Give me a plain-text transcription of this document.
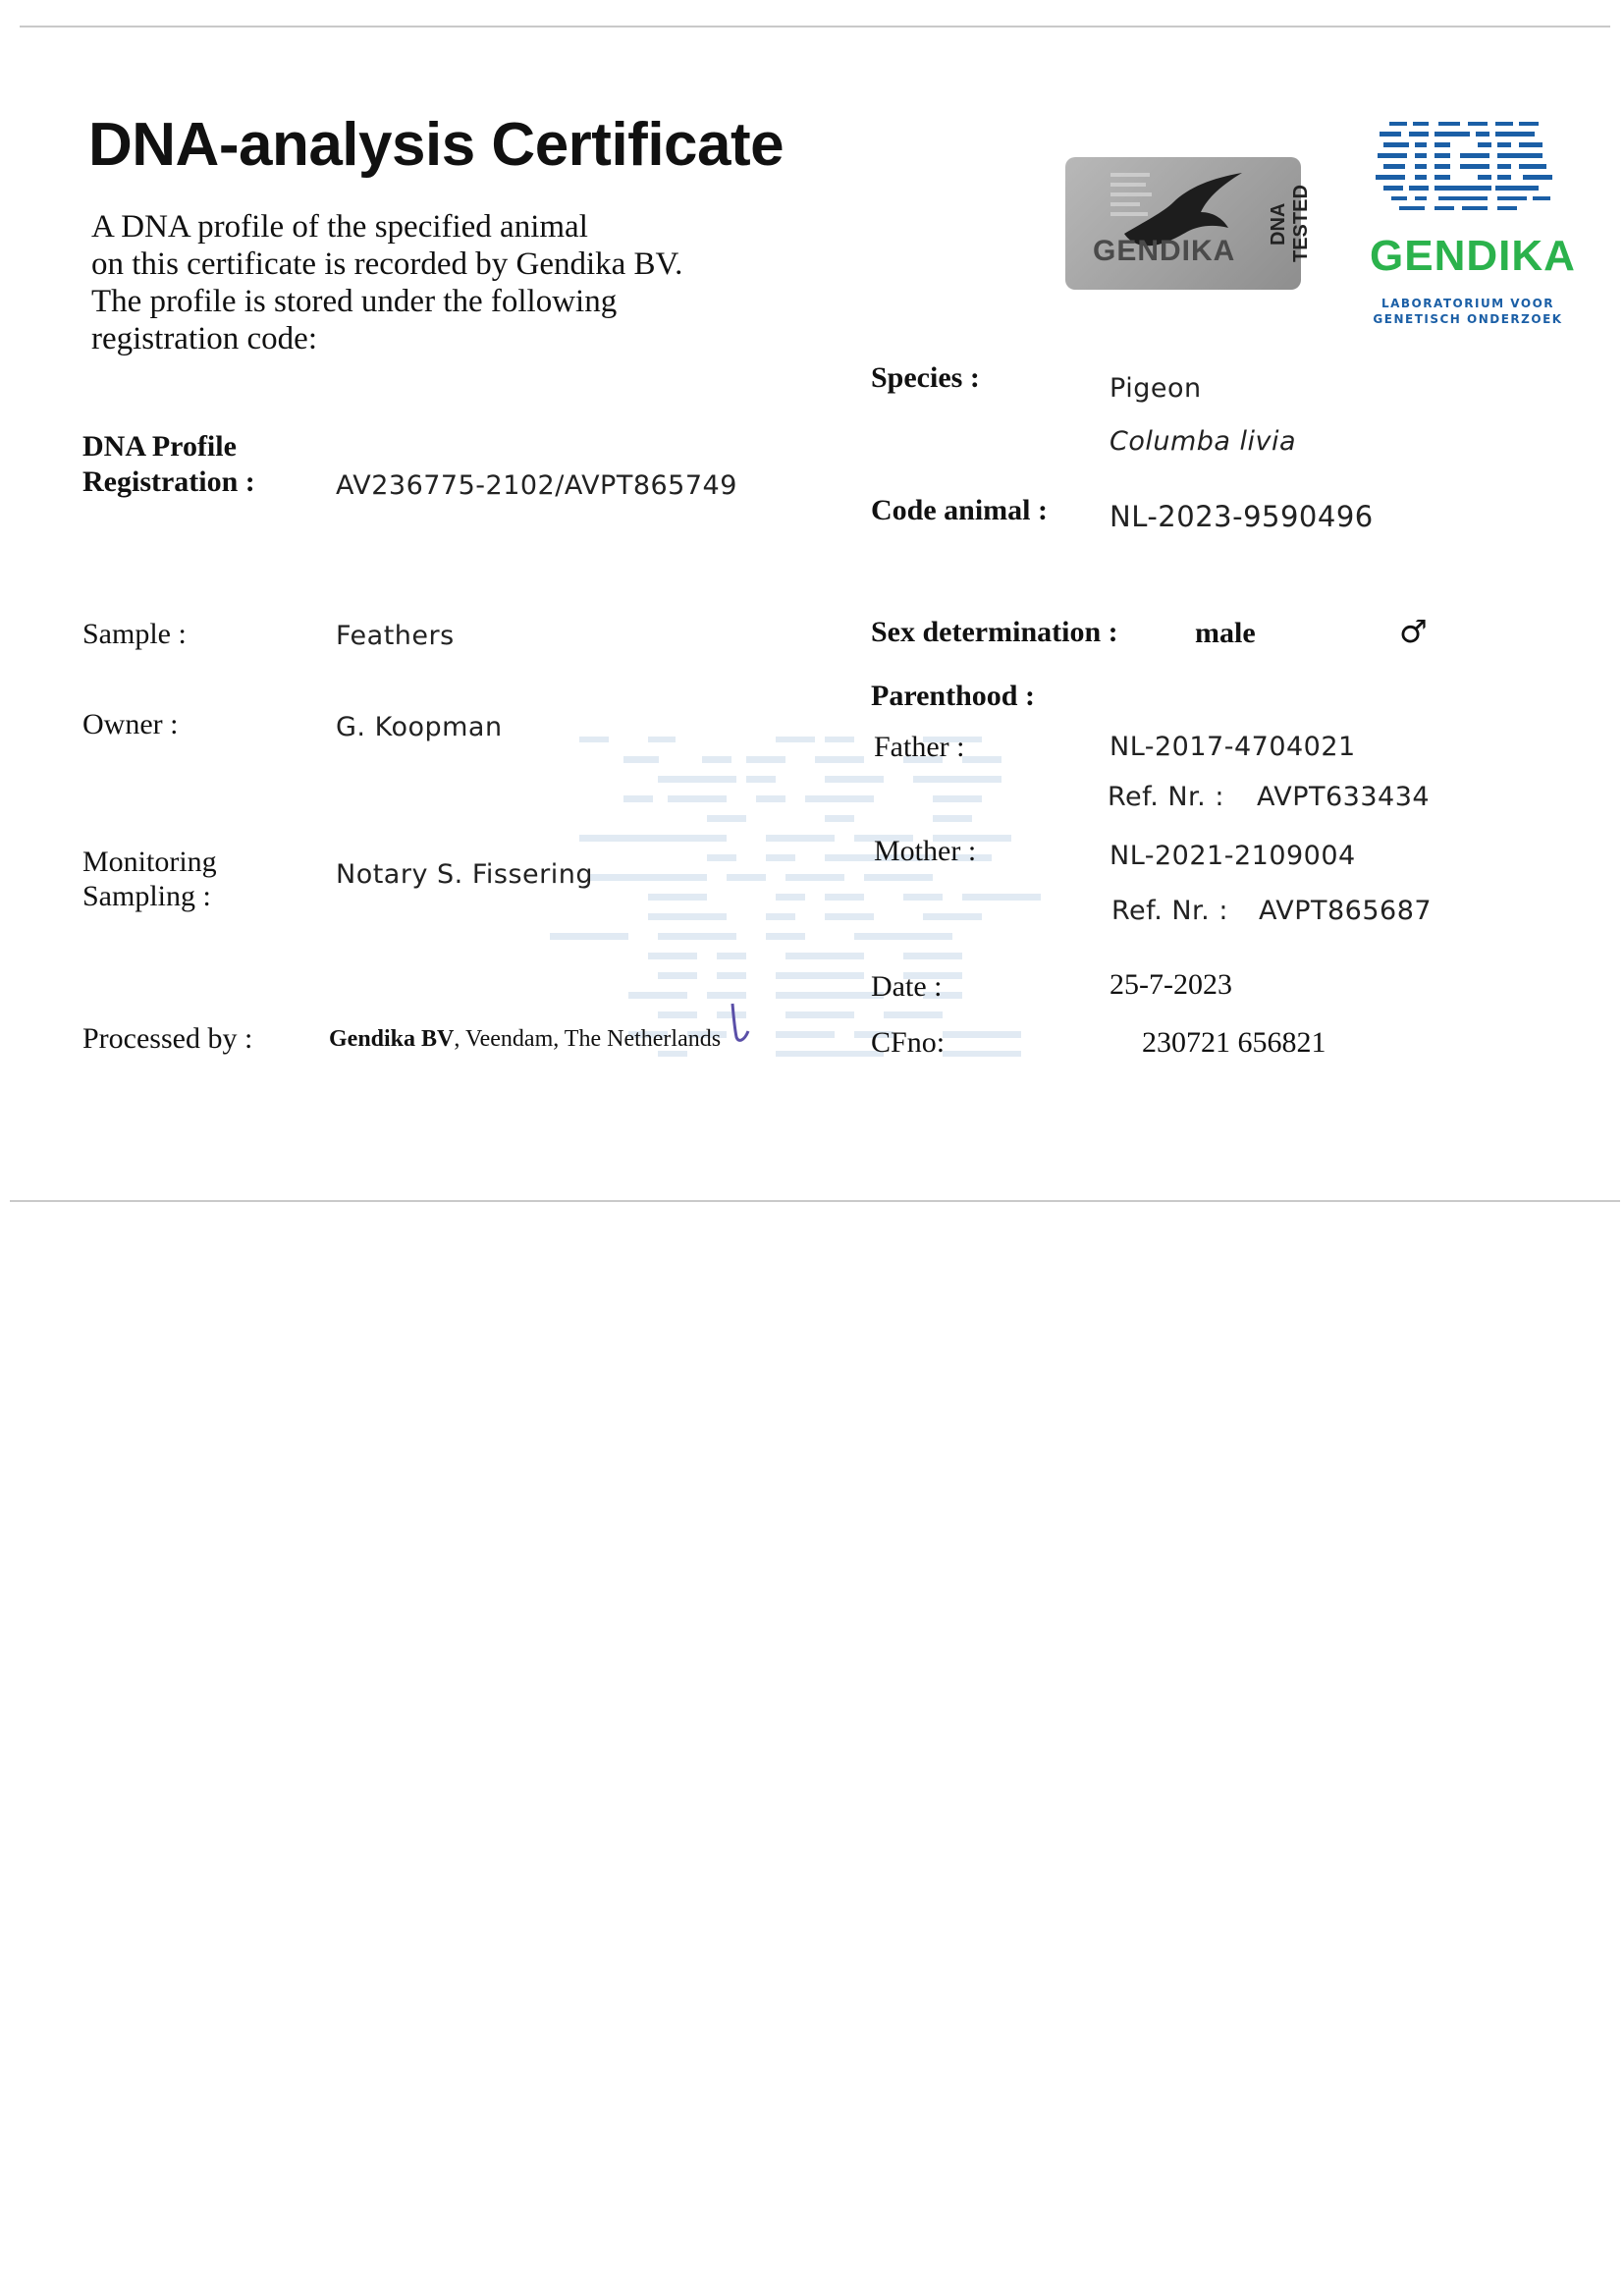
DNA-analysis Certificate
A DNA profile of the specified animal
on this certificate is recorded by Gendika BV.
The profile is stored under the following
registration code:
GENDIKA
DNA TESTED GENDIKA
LABORATORIUM VOOR
GENETISCH ONDERZOEK
DNA Profile
Registration :	AV236775-2102/AVPT865749
Sample :	Feathers
Owner :	G. Koopman
Monitoring
Sampling :
Notary S. Fissering
Processed by :	Gendika BV, Veendam, The Netherlands
Species :	Pigeon
Columba livia
Code animal : NL-2023-9590496
Sex determination :	male	♂
Parenthood :
Father :	NL-2017-4704021
Ref. Nr. : AVPT633434
Mother :	NL-2021-2109004
Ref. Nr. : AVPT865687
Date :	25-7-2023
CFno:	230721 656821
